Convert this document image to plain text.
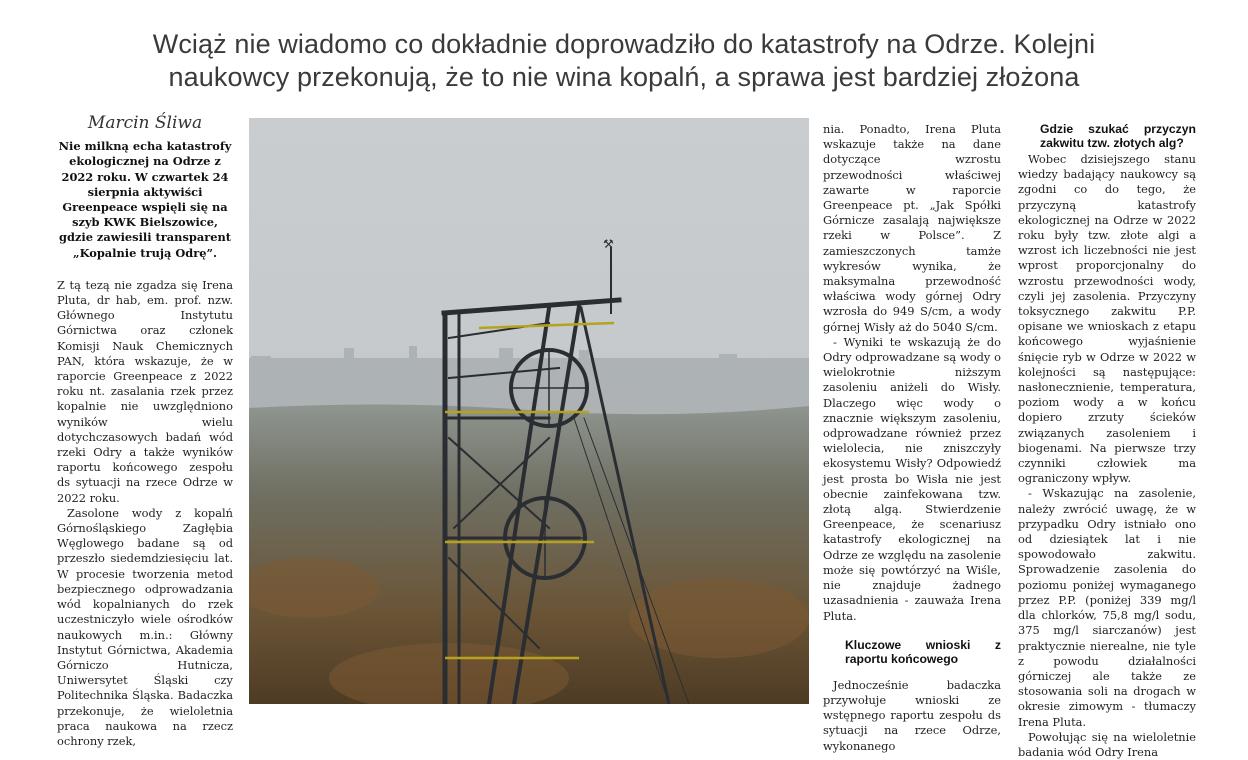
Wciąż nie wiadomo co dokładnie doprowadziło do katastrofy na Odrze. Kolejni
naukowcy przekonują, że to nie wina kopalń, a sprawa jest bardziej złożona
Marcin Śliwa

Nie milkną echa katastrofy ekologicznej na Odrze z 2022 roku. W czwartek 24 sierpnia aktywiści Greenpeace wspięli się na szyb KWK Bielszowice, gdzie zawiesili transparent „Kopalnie trują Odrę”.

Z tą tezą nie zgadza się Irena Pluta, dr hab, em. prof. nzw. Głównego Instytutu Górnictwa oraz członek Komisji Nauk Chemicznych PAN, która wskazuje, że w raporcie Greenpeace z 2022 roku nt. zasalania rzek przez kopalnie nie uwzględniono wyników wielu dotychczasowych badań wód rzeki Odry a także wyników raportu końcowego zespołu ds sytuacji na rzece Odrze w 2022 roku.

Zasolone wody z kopalń Górnośląskiego Zagłębia Węglowego badane są od przeszło siedemdziesięciu lat. W procesie tworzenia metod bezpiecznego odprowadzania wód kopalnianych do rzek uczestniczyło wiele ośrodków naukowych m.in.: Główny Instytut Górnictwa, Akademia Górniczo Hutnicza, Uniwersytet Śląski czy Politechnika Śląska. Badaczka przekonuje, że wieloletnia praca naukowa na rzecz ochrony rzek,

⚒

nia. Ponadto, Irena Pluta wskazuje także na dane dotyczące wzrostu przewodności właściwej zawarte w raporcie Greenpeace pt. „Jak Spółki Górnicze zasalają największe rzeki w Polsce”. Z zamieszczonych tamże wykresów wynika, że maksymalna przewodność właściwa wody górnej Odry wzrosła do 949 S/cm, a wody górnej Wisły aż do 5040 S/cm.

- Wyniki te wskazują że do Odry odprowadzane są wody o wielokrotnie niższym zasoleniu aniżeli do Wisły. Dlaczego więc wody o znacznie większym zasoleniu, odprowadzane również przez wielolecia, nie zniszczyły ekosystemu Wisły? Odpowiedź jest prosta bo Wisła nie jest obecnie zainfekowana tzw. złotą algą. Stwierdzenie Greenpeace, że scenariusz katastrofy ekologicznej na Odrze ze względu na zasolenie może się powtórzyć na Wiśle, nie znajduje żadnego uzasadnienia - zauważa Irena Pluta.

Kluczowe wnioski z raportu końcowego

Jednocześnie badaczka przywołuje wnioski ze wstępnego raportu zespołu ds sytuacji na rzece Odrze, wykonanego

Gdzie szukać przyczyn zakwitu tzw. złotych alg?

Wobec dzisiejszego stanu wiedzy badający naukowcy są zgodni co do tego, że przyczyną katastrofy ekologicznej na Odrze w 2022 roku były tzw. złote algi a wzrost ich liczebności nie jest wprost proporcjonalny do wzrostu przewodności wody, czyli jej zasolenia. Przyczyny toksycznego zakwitu P.P. opisane we wnioskach z etapu końcowego wyjaśnienie śnięcie ryb w Odrze w 2022 w kolejności są następujące: nasłonecznienie, temperatura, poziom wody a w końcu dopiero zrzuty ścieków związanych zasoleniem i biogenami. Na pierwsze trzy czynniki człowiek ma ograniczony wpływ.

- Wskazując na zasolenie, należy zwrócić uwagę, że w przypadku Odry istniało ono od dziesiątek lat i nie spowodowało zakwitu. Sprowadzenie zasolenia do poziomu poniżej wymaganego przez P.P. (poniżej 339 mg/l dla chlorków, 75,8 mg/l sodu, 375 mg/l siarczanów) jest praktycznie nierealne, nie tyle z powodu działalności górniczej ale także ze stosowania soli na drogach w okresie zimowym - tłumaczy Irena Pluta.

Powołując się na wieloletnie badania wód Odry Irena
